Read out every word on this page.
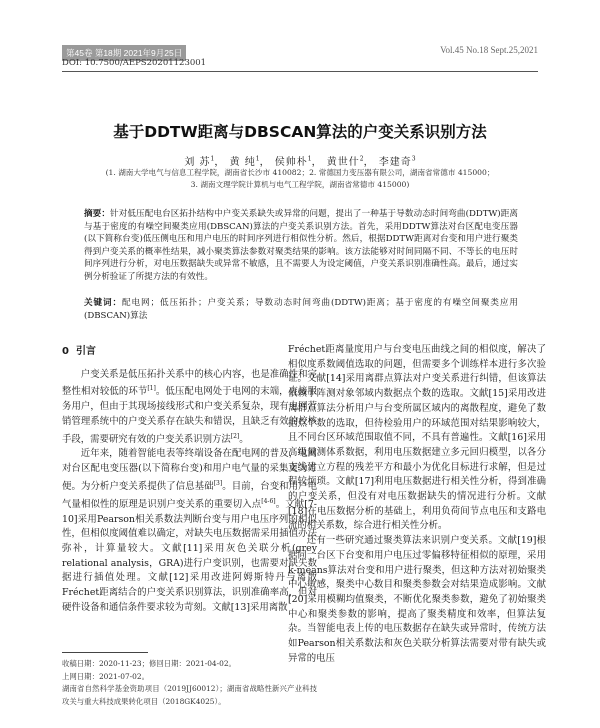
第45卷 第18期 2021年9月25日	Vol.45 No.18 Sept.25,2021
DOI: 10.7500/AEPS20201123001
基于DDTW距离与DBSCAN算法的户变关系识别方法
刘 苏$^1$， 黄 纯$^1$， 侯帅朴$^1$， 黄世什$^2$， 李建奇$^3$
(1. 湖南大学电气与信息工程学院，湖南省长沙市 410082；2. 常德国力变压器有限公司，湖南省常德市 415000；
3. 湖南文理学院计算机与电气工程学院，湖南省常德市 415000)
摘要：针对低压配电台区拓扑结构中户变关系缺失或异常的问题，提出了一种基于导数动态时间弯曲(DDTW)距离与基于密度的有噪空间聚类应用(DBSCAN)算法的户变关系识别方法。首先，采用DDTW算法对台区配电变压器(以下简称台变)低压侧电压和用户电压的时间序列进行相似性分析。然后，根据DDTW距离对台变和用户进行聚类得到户变关系的概率性结果，减小聚类算法参数对聚类结果的影响。该方法能够对时间同隔不同、不等长的电压时间序列进行分析，对电压数据缺失或异常不敏感，且不需要人为设定阈值，户变关系识别准确性高。最后，通过实例分析验证了所提方法的有效性。
关键词：配电网；低压拓扑；户变关系；导数动态时间弯曲(DDTW)距离；基于密度的有噪空间聚类应用(DBSCAN)算法
0 引言

户变关系是低压拓扑关系中的核心内容，也是准确性和完整性相对较低的环节[1]。低压配电网处于电网的末端，直接服务用户，但由于其现场接线形式和户变关系复杂，现有电网营销管理系统中的户变关系存在缺失和错误，且缺乏有效的校核手段，需要研究有效的户变关系识别方法[2]。

近年来，随着智能电表等终端设备在配电网的普及，电网对台区配电变压器(以下简称台变)和用户电气量的采集更为方便。为分析户变关系提供了信息基础[3]。目前，台变和用户电气量相似性的原理是识别户变关系的重要切入点[4-6]。文献[7-10]采用Pearson相关系数法判断台变与用户电压序列的相似性，但相似度阈值难以确定，对缺失电压数据需采用插值办法弥补，计算量较大。文献[11]采用灰色关联分析(grey relational analysis，GRA)进行户变识别，也需要对缺失数据进行插值处理。文献[12]采用改进阿姆斯特丹与离散Fréchet距离结合的户变关系识别算法，识别准确率高，但对硬件设备和通信条件要求较为苛刻。文献[13]采用离散

Fréchet距离量度用户与台变电压曲线之间的相似度，解决了相似度系数阈值选取的问题，但需要多个训练样本进行多次验证。文献[14]采用离群点算法对户变关系进行纠错，但该算法依赖于阵测对象邻域内数据点个数的选取。文献[15]采用改进离群点算法分析用户与台变所属区域内的离散程度，避免了数据点个数的选取，但待检验用户的环域范围对结果影响较大，且不同台区环域范围取值不同，不具有普遍性。文献[16]采用高级量测体系数据，利用电压数据建立多元回归模型，以各分支线建立方程的残差平方和最小为优化目标进行求解，但是过程较烦琐。文献[17]利用电压数据进行相关性分析，得到准确的户变关系，但没有对电压数据缺失的情况进行分析。文献[18]在电压数据分析的基础上，利用负荷间节点电压和支路电流的相关系数，综合进行相关性分析。

还有一些研究通过聚类算法来识别户变关系。文献[19]根据同一台区下台变和用户电压过零偏移特征相似的原理，采用k-means算法对台变和用户进行聚类，但这种方法对初始聚类中心敏感，聚类中心数目和聚类参数会对结果造成影响。文献[20]采用模糊均值聚类，不断优化聚类参数，避免了初始聚类中心和聚类参数的影响，提高了聚类精度和效率，但算法复杂。当智能电表上传的电压数据存在缺失或异常时，传统方法如Pearson相关系数法和灰色关联分析算法需要对带有缺失或异常的电压

收稿日期：2020-11-23；修回日期：2021-04-02。
上网日期：2021-07-02。
湖南省自然科学基金资助项目（2019JJ60012）；湖南省战略性新兴产业科技攻关与重大科技成果转化项目（2018GK4025）。
